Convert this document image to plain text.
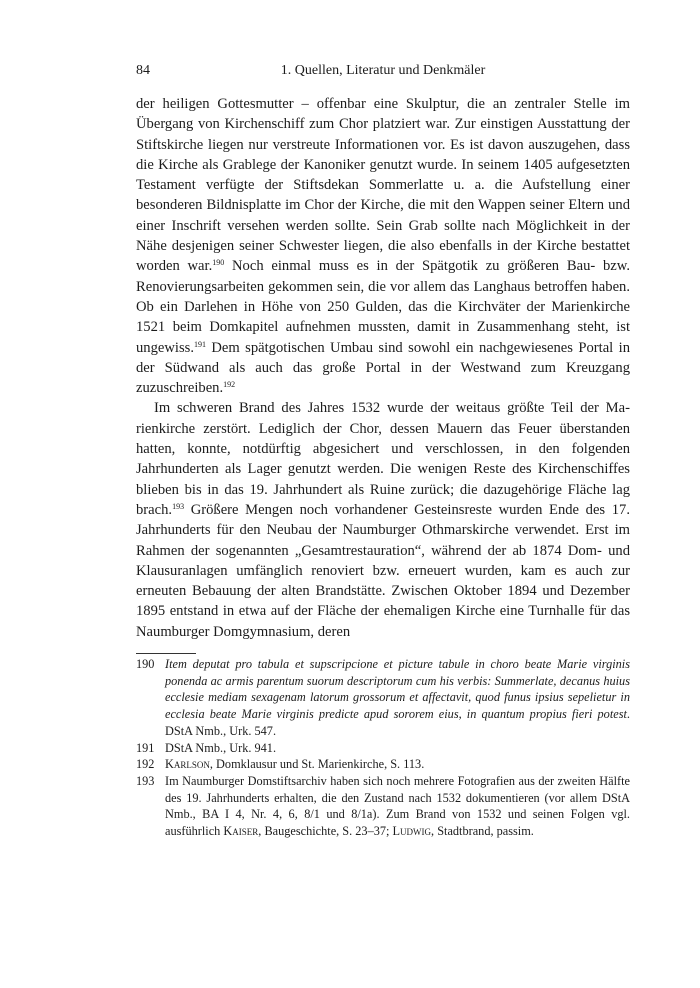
84	1. Quellen, Literatur und Denkmäler

der heiligen Gottesmutter – offenbar eine Skulptur, die an zentraler Stelle im Übergang von Kirchenschiff zum Chor platziert war. Zur einstigen Ausstattung der Stiftskirche liegen nur verstreute Informationen vor. Es ist davon auszugehen, dass die Kirche als Grablege der Kanoniker genutzt wurde. In seinem 1405 aufgesetzten Testament verfügte der Stiftsdekan Sommerlatte u. a. die Aufstellung einer besonderen Bildnisplatte im Chor der Kirche, die mit den Wappen seiner Eltern und einer Inschrift versehen werden sollte. Sein Grab sollte nach Möglichkeit in der Nähe desjenigen seiner Schwester liegen, die also ebenfalls in der Kirche bestattet worden war.$^{190}$ Noch einmal muss es in der Spätgotik zu größeren Bau- bzw. Renovierungsarbeiten gekommen sein, die vor allem das Langhaus betroffen haben. Ob ein Darlehen in Höhe von 250 Gulden, das die Kirchväter der Marienkirche 1521 beim Domkapitel aufnehmen mussten, damit in Zusammenhang steht, ist ungewiss.$^{191}$ Dem spätgotischen Umbau sind sowohl ein nachgewiesenes Portal in der Südwand als auch das große Portal in der Westwand zum Kreuzgang zuzuschreiben.$^{192}$

Im schweren Brand des Jahres 1532 wurde der weitaus größte Teil der Marienkirche zerstört. Lediglich der Chor, dessen Mauern das Feuer überstanden hatten, konnte, notdürftig abgesichert und verschlossen, in den folgenden Jahrhunderten als Lager genutzt werden. Die wenigen Reste des Kirchenschiffes blieben bis in das 19. Jahrhundert als Ruine zurück; die dazugehörige Fläche lag brach.$^{193}$ Größere Mengen noch vorhandener Gesteinsreste wurden Ende des 17. Jahrhunderts für den Neubau der Naumburger Othmarskirche verwendet. Erst im Rahmen der sogenannten „Gesamtrestauration“, während der ab 1874 Dom- und Klausuranlagen umfänglich renoviert bzw. erneuert wurden, kam es auch zur erneuten Bebauung der alten Brandstätte. Zwischen Oktober 1894 und Dezember 1895 entstand in etwa auf der Fläche der ehemaligen Kirche eine Turnhalle für das Naumburger Domgymnasium, deren

190 Item deputat pro tabula et supscripcione et picture tabule in choro beate Marie virginis ponenda ac armis parentum suorum descriptorum cum his verbis: Summerlate, decanus huius ecclesie mediam sexagenam latorum grossorum et affectavit, quod funus ipsius sepelietur in ecclesia beate Marie virginis predicte apud sororem eius, in quantum propius fieri potest. DStA Nmb., Urk. 547.
191 DStA Nmb., Urk. 941.
192 Karlson, Domklausur und St. Marienkirche, S. 113.
193 Im Naumburger Domstiftsarchiv haben sich noch mehrere Fotografien aus der zweiten Hälfte des 19. Jahrhunderts erhalten, die den Zustand nach 1532 dokumentieren (vor allem DStA Nmb., BA I 4, Nr. 4, 6, 8/1 und 8/1a). Zum Brand von 1532 und seinen Folgen vgl. ausführlich Kaiser, Baugeschichte, S. 23–37; Ludwig, Stadtbrand, passim.
